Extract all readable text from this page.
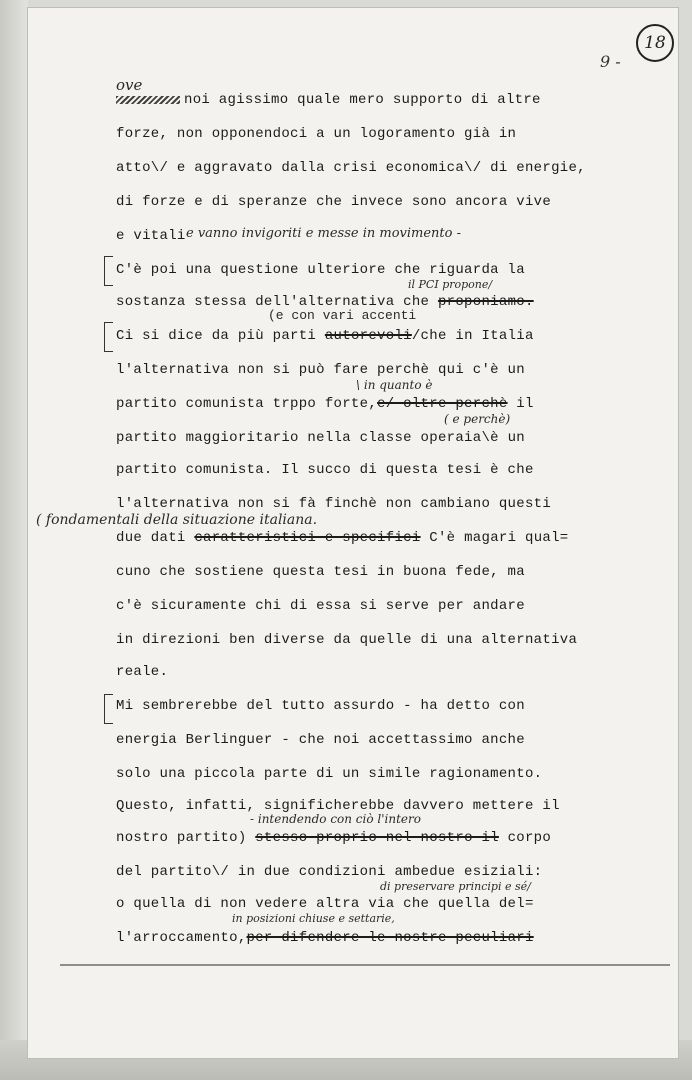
18
9 -
ove
noi agissimo quale mero supporto di altre
forze, non opponendoci a un logoramento già in
atto\/ e aggravato dalla crisi economica\/ di energie,
di forze e di speranze che invece sono ancora vive
e vitali e vanno invigoriti e messe in movimento -
C'è poi una questione ulteriore che riguarda la
il PCI propone/
sostanza stessa dell'alternativa che proponiamo.
(e con vari accenti
Ci si dice da più parti autorevoli/che in Italia
l'alternativa non si può fare perchè qui c'è un
\ in quanto è
partito comunista trppo forte,e/ oltre perchè il
( e perchè)
partito maggioritario nella classe operaia\è un
partito comunista. Il succo di questa tesi è che
l'alternativa non si fà finchè non cambiano questi
( fondamentali della situazione italiana.
due dati caratteristici e specifici C'è magari qual=
cuno che sostiene questa tesi in buona fede, ma
c'è sicuramente chi di essa si serve per andare
in direzioni ben diverse da quelle di una alternativa
reale.
Mi sembrerebbe del tutto assurdo - ha detto con
energia Berlinguer - che noi accettassimo anche
solo una piccola parte di un simile ragionamento.
Questo, infatti, significherebbe davvero mettere il
- intendendo con ciò l'intero
nostro partito) stesso proprio nel nostro il corpo
del partito\/ in due condizioni ambedue esiziali:
di preservare principi e sé/
o quella di non vedere altra via che quella del=
in posizioni chiuse e settarie,
l'arroccamento,per difendere le nostre peculiari
